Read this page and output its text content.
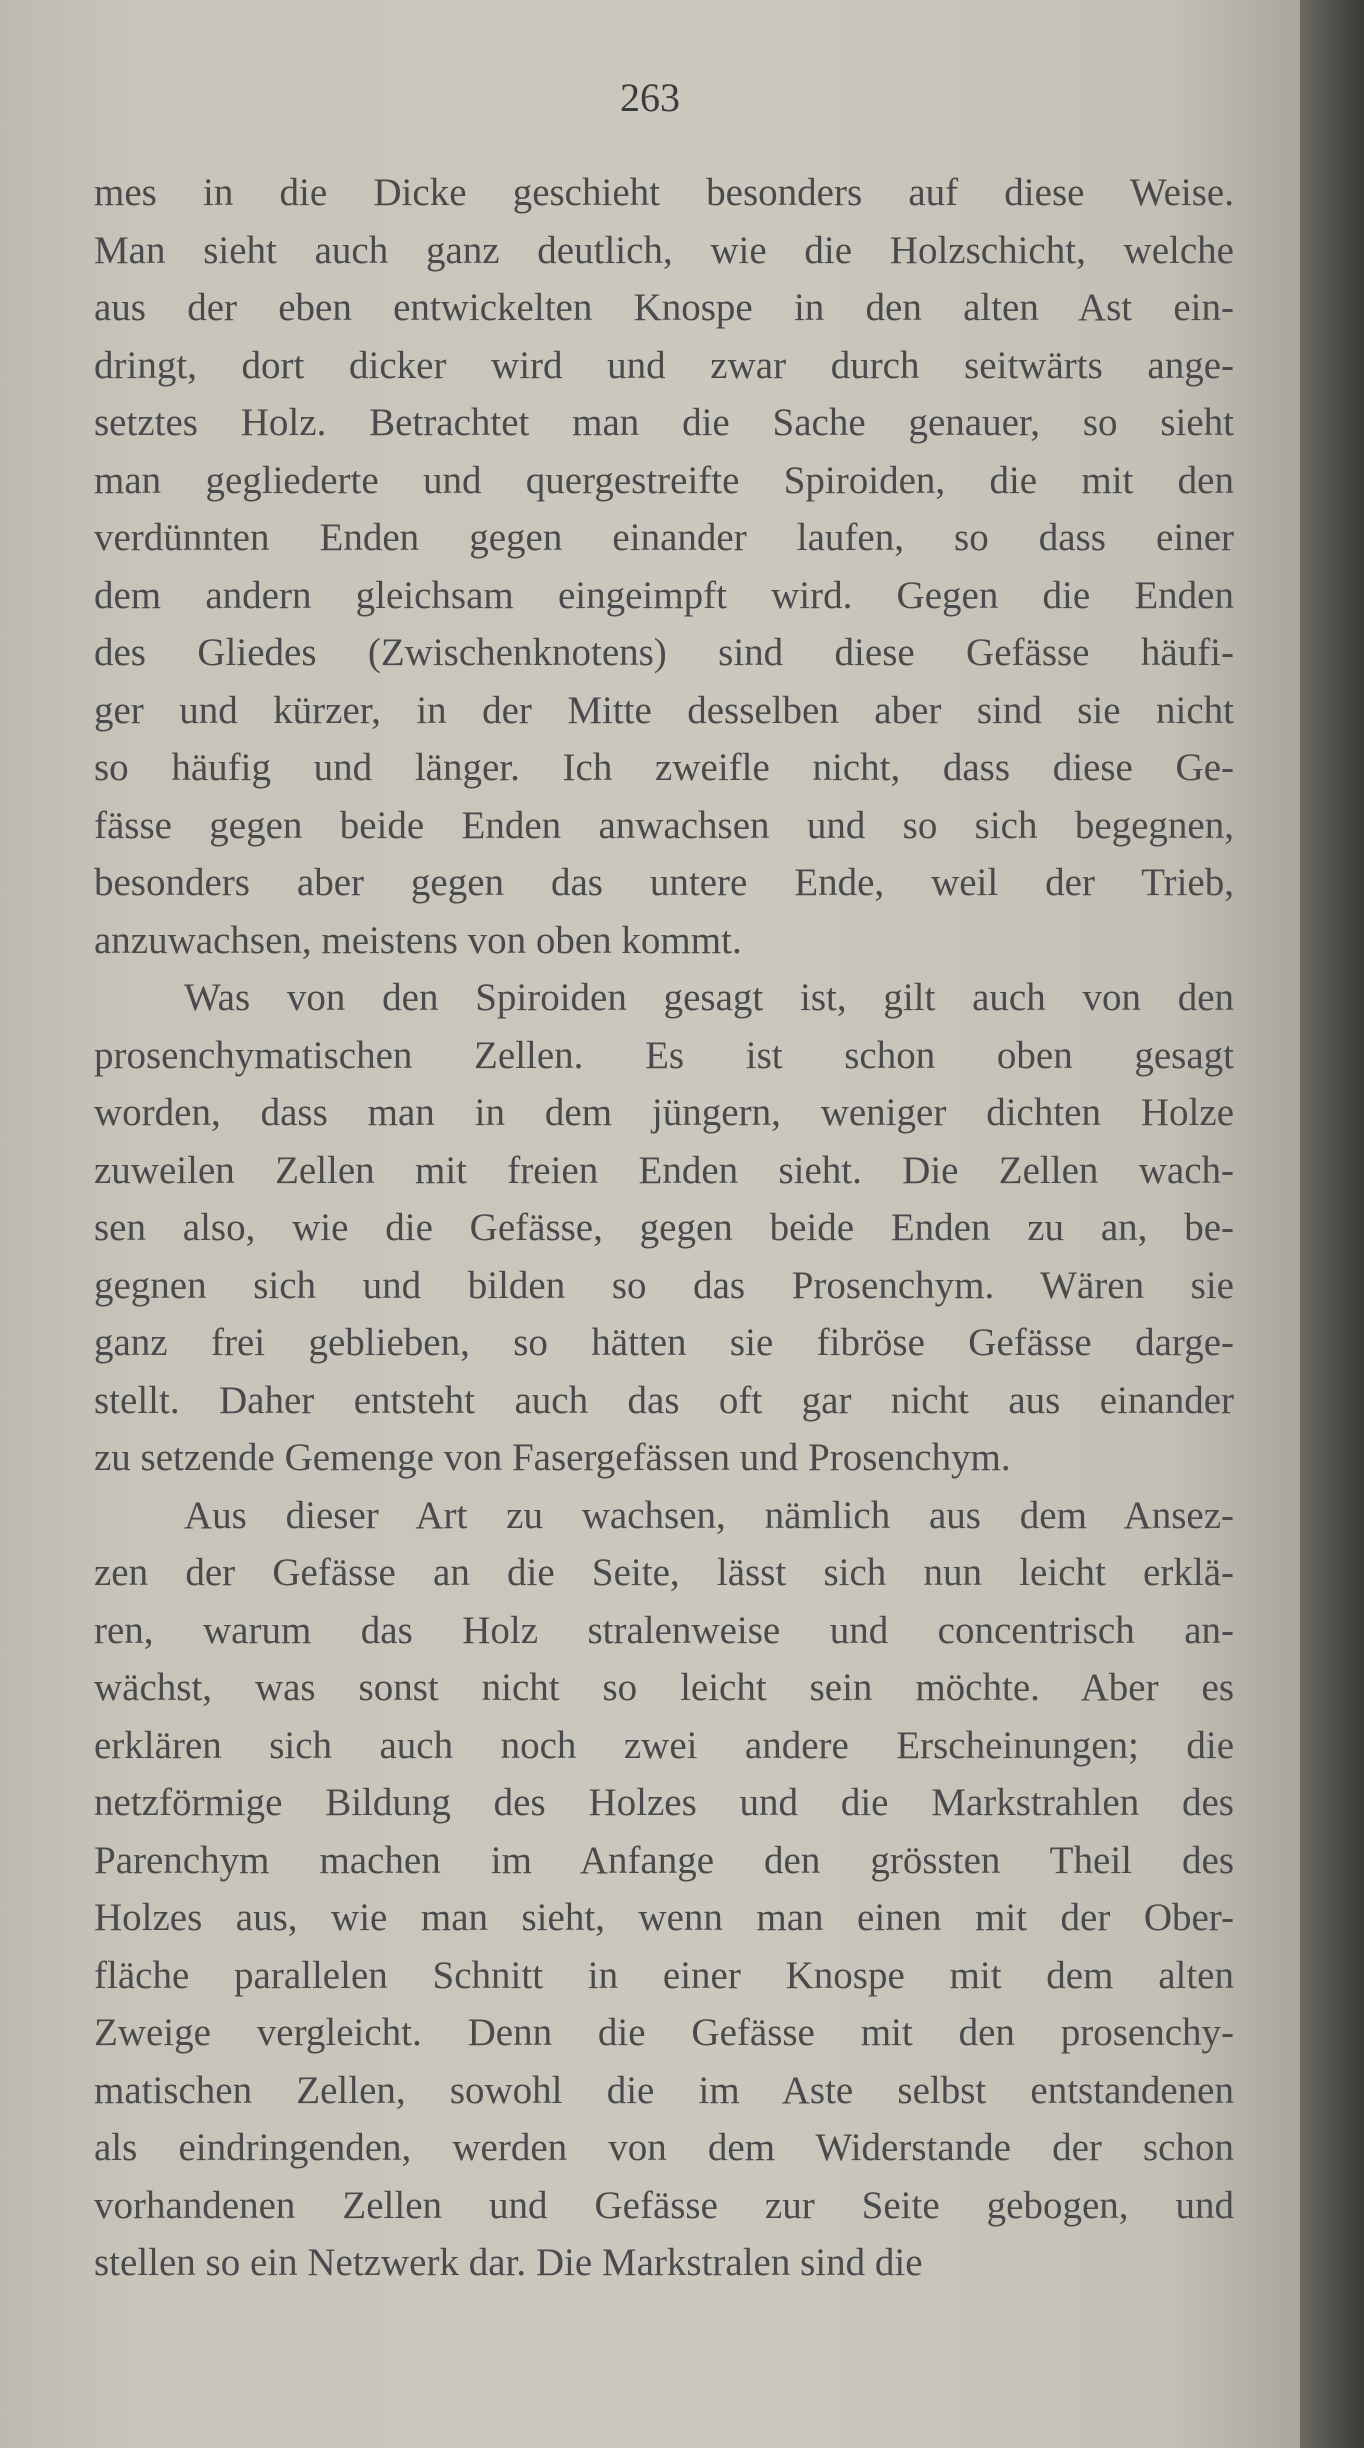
263
mes in die Dicke geschieht besonders auf diese Weise.
Man sieht auch ganz deutlich, wie die Holzschicht, welche
aus der eben entwickelten Knospe in den alten Ast ein-
dringt, dort dicker wird und zwar durch seitwärts ange-
setztes Holz. Betrachtet man die Sache genauer, so sieht
man gegliederte und quergestreifte Spiroiden, die mit den
verdünnten Enden gegen einander laufen, so dass einer
dem andern gleichsam eingeimpft wird. Gegen die Enden
des Gliedes (Zwischenknotens) sind diese Gefässe häufi-
ger und kürzer, in der Mitte desselben aber sind sie nicht
so häufig und länger. Ich zweifle nicht, dass diese Ge-
fässe gegen beide Enden anwachsen und so sich begegnen,
besonders aber gegen das untere Ende, weil der Trieb,
anzuwachsen, meistens von oben kommt.
Was von den Spiroiden gesagt ist, gilt auch von den
prosenchymatischen Zellen. Es ist schon oben gesagt
worden, dass man in dem jüngern, weniger dichten Holze
zuweilen Zellen mit freien Enden sieht. Die Zellen wach-
sen also, wie die Gefässe, gegen beide Enden zu an, be-
gegnen sich und bilden so das Prosenchym. Wären sie
ganz frei geblieben, so hätten sie fibröse Gefässe darge-
stellt. Daher entsteht auch das oft gar nicht aus einander
zu setzende Gemenge von Fasergefässen und Prosenchym.
Aus dieser Art zu wachsen, nämlich aus dem Ansez-
zen der Gefässe an die Seite, lässt sich nun leicht erklä-
ren, warum das Holz stralenweise und concentrisch an-
wächst, was sonst nicht so leicht sein möchte. Aber es
erklären sich auch noch zwei andere Erscheinungen; die
netzförmige Bildung des Holzes und die Markstrahlen des
Parenchym machen im Anfange den grössten Theil des
Holzes aus, wie man sieht, wenn man einen mit der Ober-
fläche parallelen Schnitt in einer Knospe mit dem alten
Zweige vergleicht. Denn die Gefässe mit den prosenchy-
matischen Zellen, sowohl die im Aste selbst entstandenen
als eindringenden, werden von dem Widerstande der schon
vorhandenen Zellen und Gefässe zur Seite gebogen, und
stellen so ein Netzwerk dar. Die Markstralen sind die
